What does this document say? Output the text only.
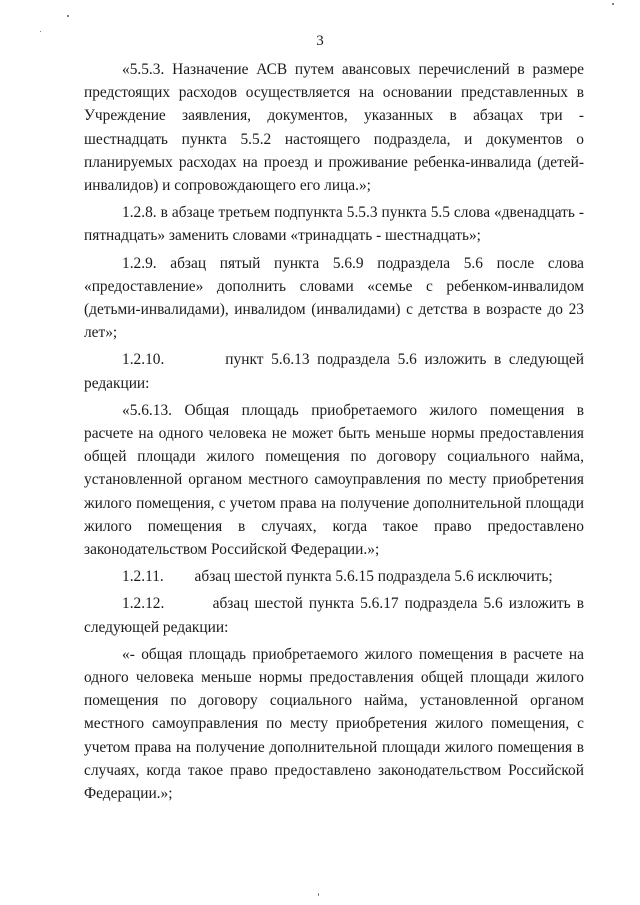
3

«5.5.3. Назначение АСВ путем авансовых перечислений в размере предстоящих расходов осуществляется на основании представленных в Учреждение заявления, документов, указанных в абзацах три - шестнадцать пункта 5.5.2 настоящего подраздела, и документов о планируемых расходах на проезд и проживание ребенка-инвалида (детей-инвалидов) и сопровождающего его лица.»;

1.2.8. в абзаце третьем подпункта 5.5.3 пункта 5.5 слова «двенадцать - пятнадцать» заменить словами «тринадцать - шестнадцать»;

1.2.9. абзац пятый пункта 5.6.9 подраздела 5.6 после слова «предоставление» дополнить словами «семье с ребенком-инвалидом (детьми-инвалидами), инвалидом (инвалидами) с детства в возрасте до 23 лет»;

1.2.10.        пункт 5.6.13 подраздела 5.6 изложить в следующей редакции:

«5.6.13. Общая площадь приобретаемого жилого помещения в расчете на одного человека не может быть меньше нормы предоставления общей площади жилого помещения по договору социального найма, установленной органом местного самоуправления по месту приобретения жилого помещения, с учетом права на получение дополнительной площади жилого помещения в случаях, когда такое право предоставлено законодательством Российской Федерации.»;

1.2.11.        абзац шестой пункта 5.6.15 подраздела 5.6 исключить;

1.2.12.        абзац шестой пункта 5.6.17 подраздела 5.6 изложить в следующей редакции:

«- общая площадь приобретаемого жилого помещения в расчете на одного человека меньше нормы предоставления общей площади жилого помещения по договору социального найма, установленной органом местного самоуправления по месту приобретения жилого помещения, с учетом права на получение дополнительной площади жилого помещения в случаях, когда такое право предоставлено законодательством Российской Федерации.»;
